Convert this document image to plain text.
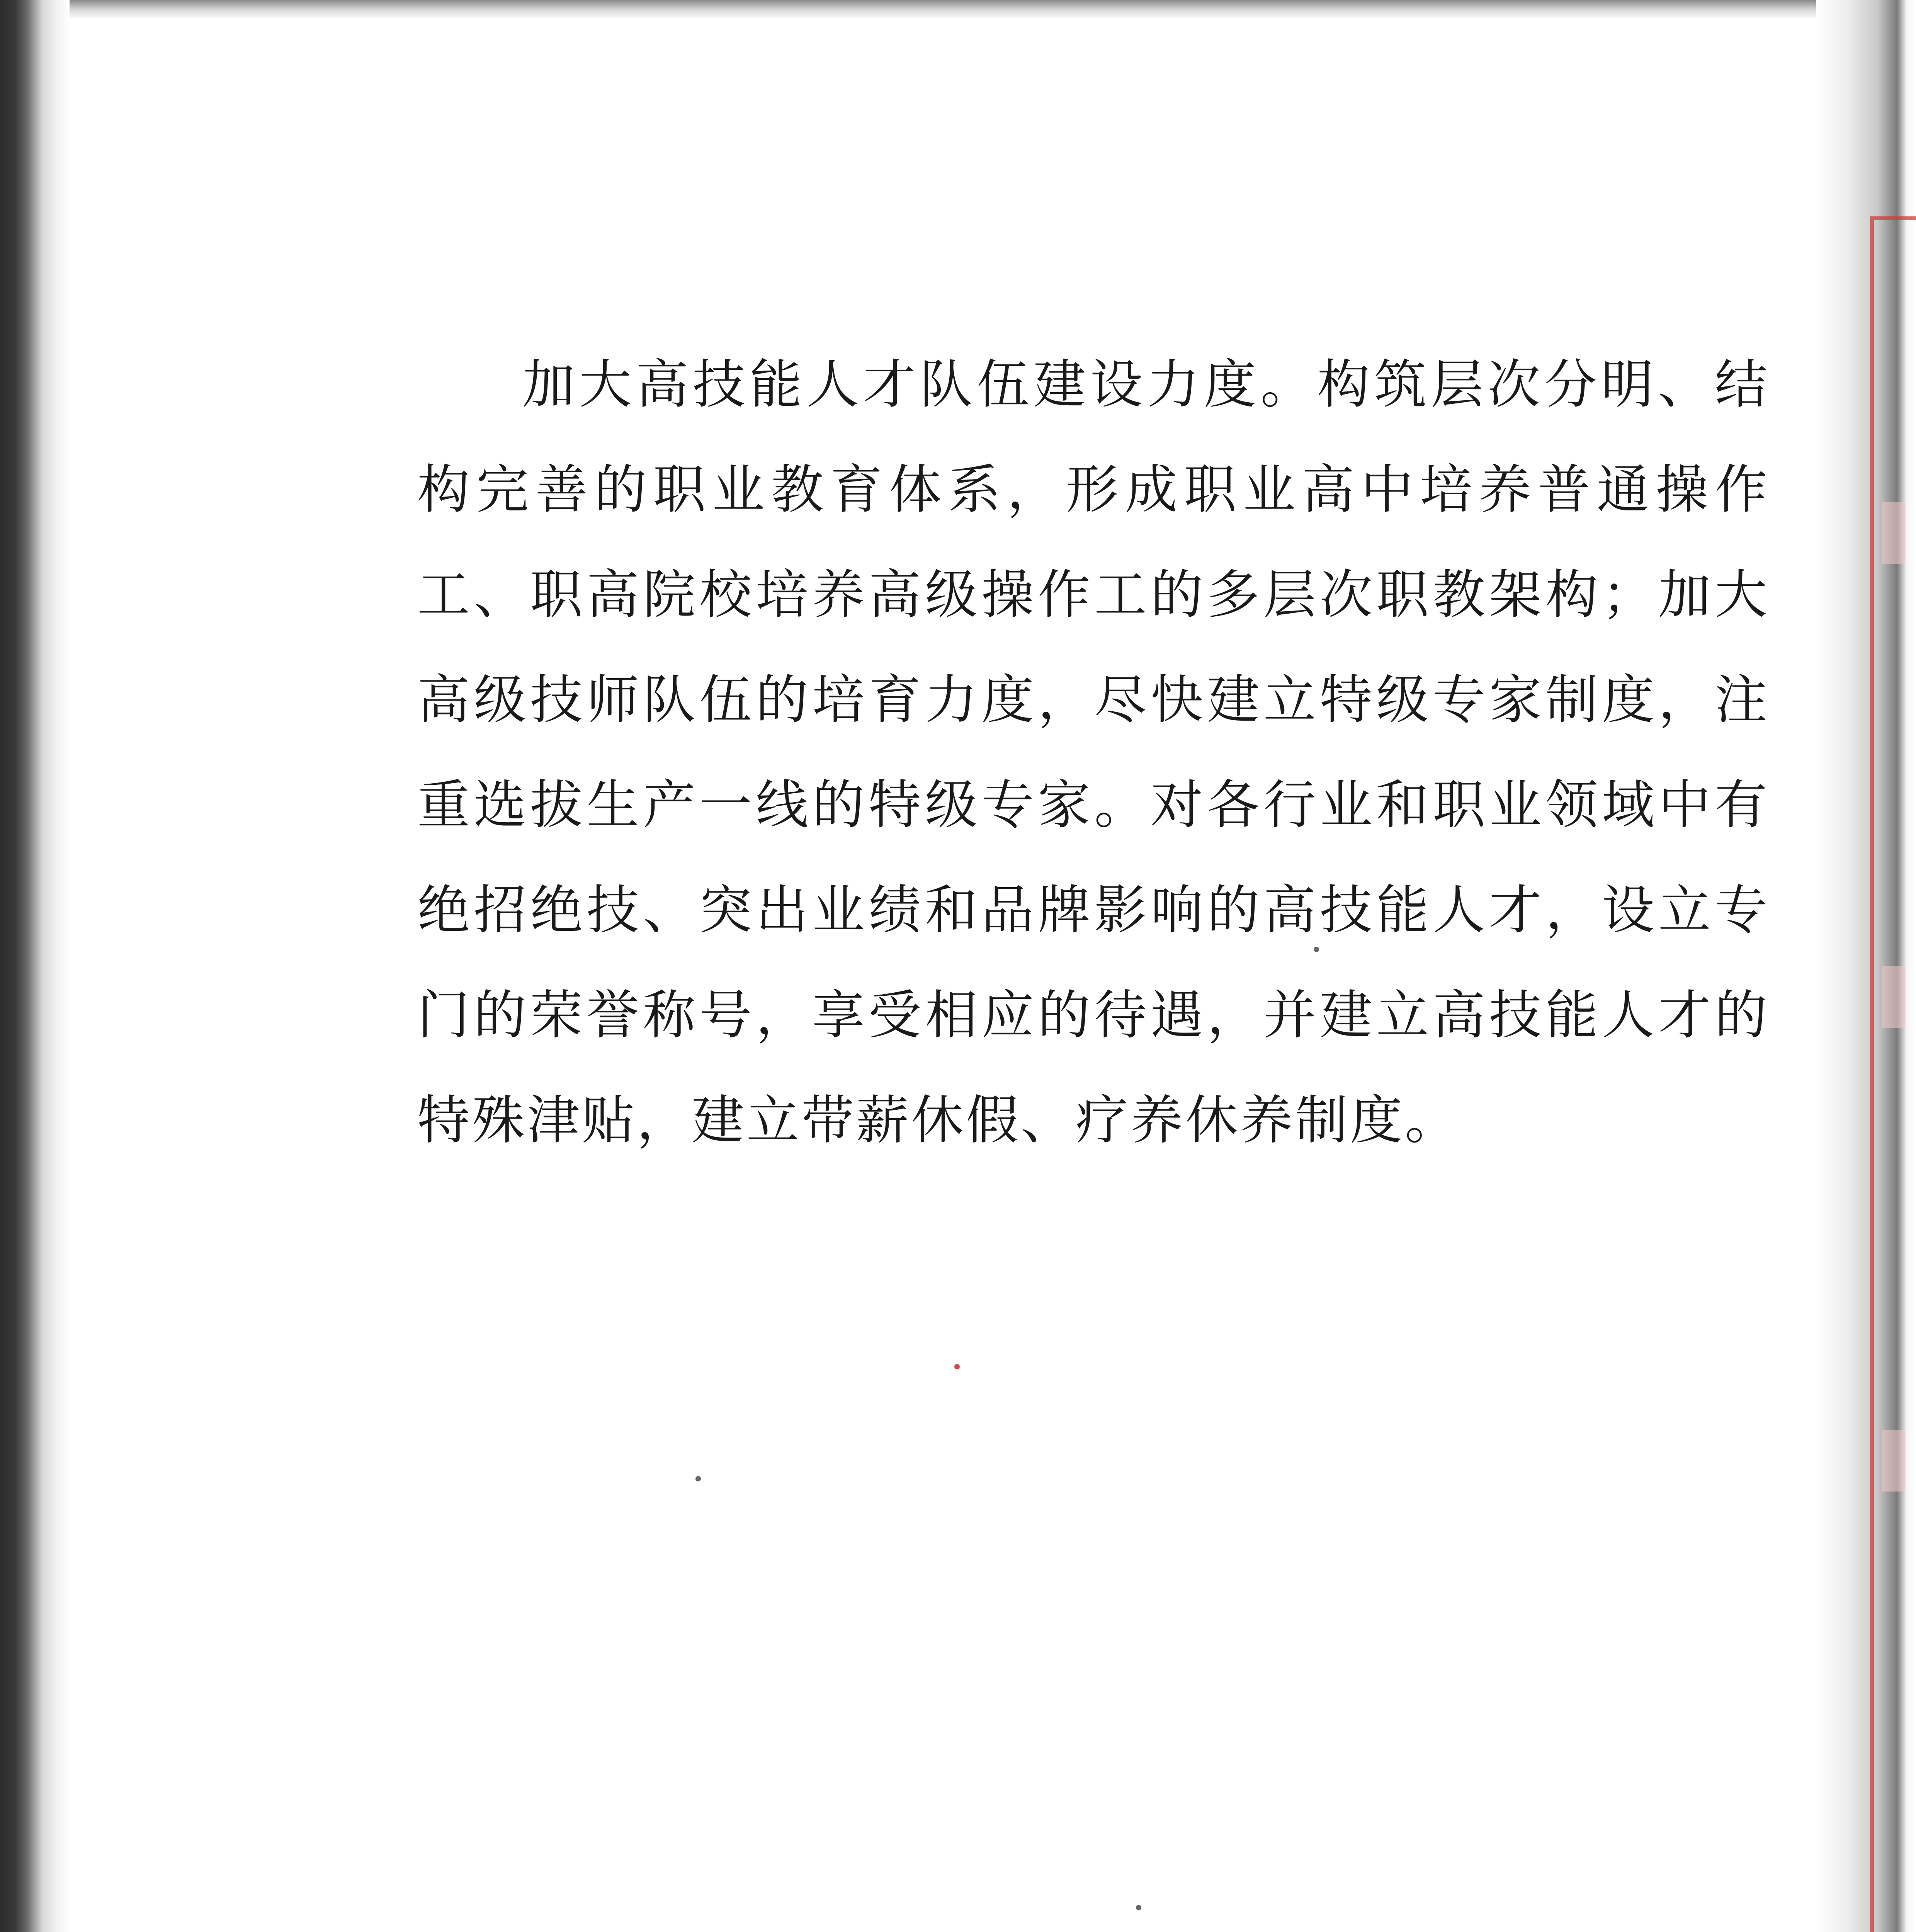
加大高技能人才队伍建设力度。构筑层次分明、结构完善的职业教育体系，形成职业高中培养普通操作工、职高院校培养高级操作工的多层次职教架构；加大高级技师队伍的培育力度，尽快建立特级专家制度，注重选拔生产一线的特级专家。对各行业和职业领域中有绝招绝技、突出业绩和品牌影响的高技能人才，设立专门的荣誉称号，享受相应的待遇，并建立高技能人才的特殊津贴，建立带薪休假、疗养休养制度。
